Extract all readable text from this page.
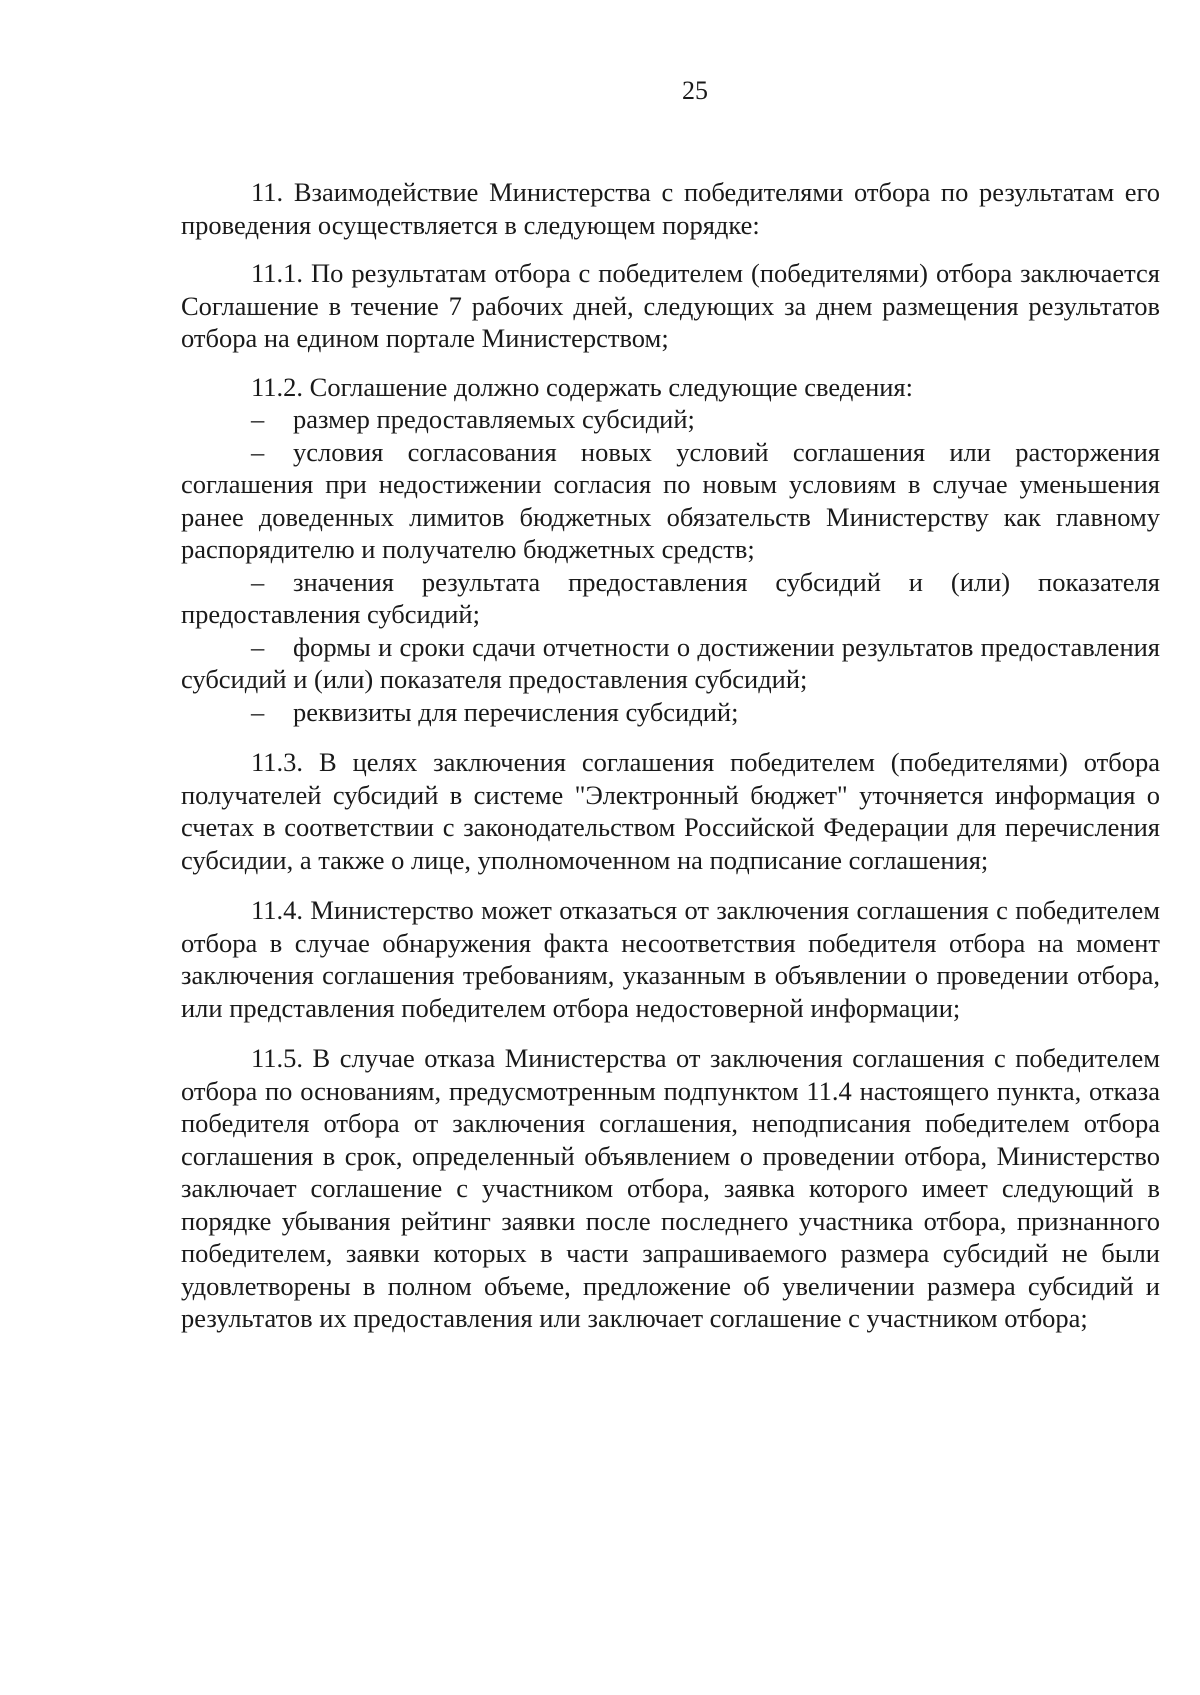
25

11. Взаимодействие Министерства с победителями отбора по результатам его проведения осуществляется в следующем порядке:

11.1. По результатам отбора с победителем (победителями) отбора заключается Соглашение в течение 7 рабочих дней, следующих за днем размещения результатов отбора на едином портале Министерством;

11.2. Соглашение должно содержать следующие сведения:

– размер предоставляемых субсидий;

– условия согласования новых условий соглашения или расторжения соглашения при недостижении согласия по новым условиям в случае уменьшения ранее доведенных лимитов бюджетных обязательств Министерству как главному распорядителю и получателю бюджетных средств;

– значения результата предоставления субсидий и (или) показателя предоставления субсидий;

– формы и сроки сдачи отчетности о достижении результатов предоставления субсидий и (или) показателя предоставления субсидий;

– реквизиты для перечисления субсидий;

11.3. В целях заключения соглашения победителем (победителями) отбора получателей субсидий в системе "Электронный бюджет" уточняется информация о счетах в соответствии с законодательством Российской Федерации для перечисления субсидии, а также о лице, уполномоченном на подписание соглашения;

11.4. Министерство может отказаться от заключения соглашения с победителем отбора в случае обнаружения факта несоответствия победителя отбора на момент заключения соглашения требованиям, указанным в объявлении о проведении отбора, или представления победителем отбора недостоверной информации;

11.5. В случае отказа Министерства от заключения соглашения с победителем отбора по основаниям, предусмотренным подпунктом 11.4 настоящего пункта, отказа победителя отбора от заключения соглашения, неподписания победителем отбора соглашения в срок, определенный объявлением о проведении отбора, Министерство заключает соглашение с участником отбора, заявка которого имеет следующий в порядке убывания рейтинг заявки после последнего участника отбора, признанного победителем, заявки которых в части запрашиваемого размера субсидий не были удовлетворены в полном объеме, предложение об увеличении размера субсидий и результатов их предоставления или заключает соглашение с участником отбора;
